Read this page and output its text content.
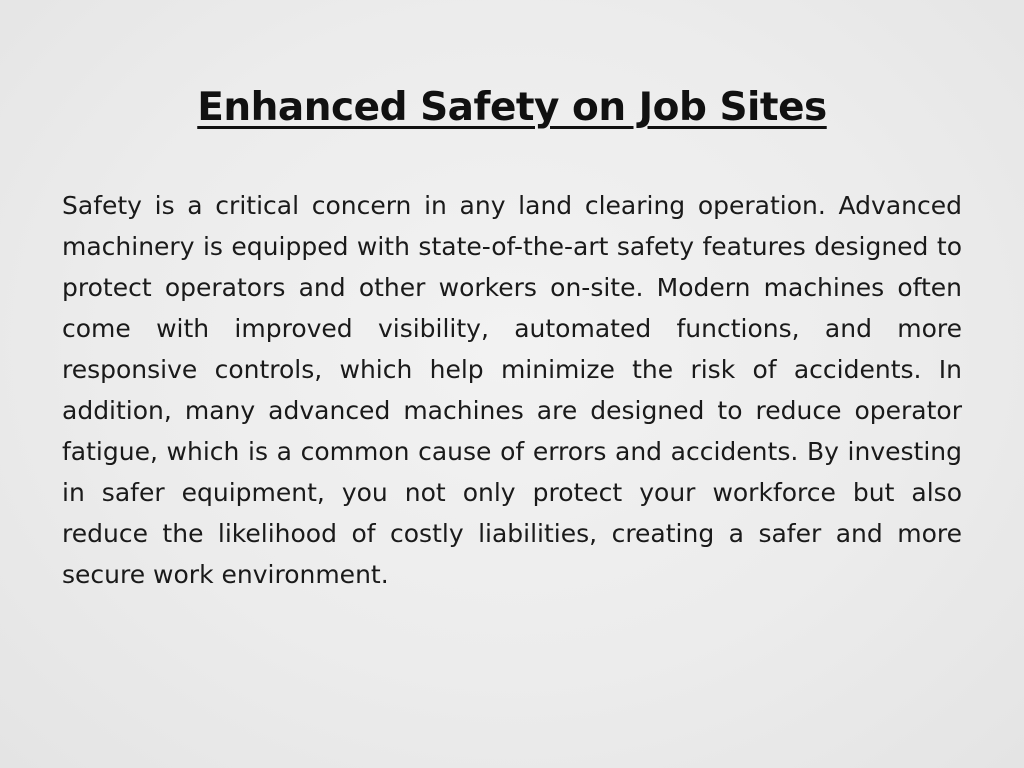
Enhanced Safety on Job Sites

Safety is a critical concern in any land clearing operation. Advanced machinery is equipped with state-of-the-art safety features designed to protect operators and other workers on-site. Modern machines often come with improved visibility, automated functions, and more responsive controls, which help minimize the risk of accidents. In addition, many advanced machines are designed to reduce operator fatigue, which is a common cause of errors and accidents. By investing in safer equipment, you not only protect your workforce but also reduce the likelihood of costly liabilities, creating a safer and more secure work environment.
